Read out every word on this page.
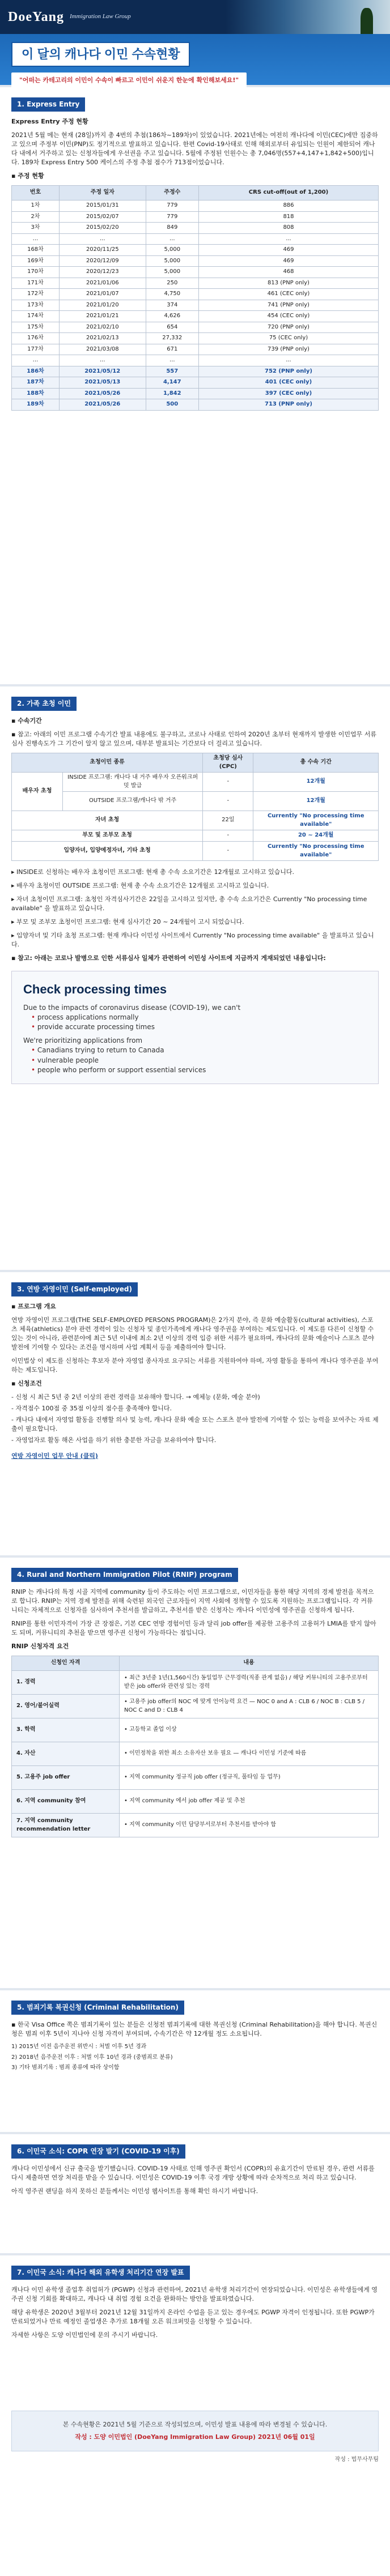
DoeYang Immigration Law Group
이 달의 캐나다 이민 수속현황
"어떠는 카테고리의 이민이 수속이 빠르고 이민이 쉬운지 한눈에 확인해보세요!"
1. Express Entry
Express Entry 주정 현황
2021년 5월 메는 현재 (28일)까지 총 4번의 추첨(186차~189차)이 있었습니다. 2021년에는 여전히 캐나다에 이민(CEC)에만 집중하고 있으며 주정부 이민(PNP)도 정기적으로 발표하고 있습니다. 한편 Covid-19사태로 인해 해외로부터 유입되는 인원이 제한되어 캐나다 내에서 거주하고 있는 신청자들에게 우선권을 주고 있습니다. 5월에 주정된 인원수는 총 7,046명(557+4,147+1,842+500)입니다. 189차 Express Entry 500 케이스의 주정 추첨 점수가 713점이었습니다.
▪ 주정 현황
번호	주정 일자	주정수	CRS cut-off(out of 1,200)
1차	2015/01/31	779	886
2차	2015/02/07	779	818
3차	2015/02/20	849	808
...	...	...	...
168차	2020/11/25	5,000	469
169차	2020/12/09	5,000	469
170차	2020/12/23	5,000	468
171차	2021/01/06	250	813 (PNP only)
172차	2021/01/07	4,750	461 (CEC only)
173차	2021/01/20	374	741 (PNP only)
174차	2021/01/21	4,626	454 (CEC only)
175차	2021/02/10	654	720 (PNP only)
176차	2021/02/13	27,332	75 (CEC only)
177차	2021/03/08	671	739 (PNP only)
...	...	...	...
186차	2021/05/12	557	752 (PNP only)
187차	2021/05/13	4,147	401 (CEC only)
188차	2021/05/26	1,842	397 (CEC only)
189차	2021/05/26	500	713 (PNP only)
2. 가족 초청 이민
▪ 수속기간
▪ 참고: 아래의 이민 프로그램 수속기간 발표 내용에도 불구하고, 코로나 사태로 인하여 2020년 초부터 현재까지 발생한 이민업무 서류심사 진행속도가 그 기간이 알지 않고 있으며, 대부분 발표되는 기간보다 더 걸리고 있습니다.
초청이민 종류		초청당 심사 (CPC)	총 수속 기간
배우자 초청	INSIDE 프로그램: 캐나다 내 거주 배우자 오픈워크퍼밋 발급	-	12개월
	OUTSIDE 프로그램/캐나다 밖 거주	-	12개월
자녀 초청		22일	Currently "No processing time available"
부모 및 조부모 초청		-	20 ~ 24개월
입양자녀, 입양예정자녀, 기타 초청		-	Currently "No processing time available"
▸ INSIDE로 신청하는 배우자 초청이민 프로그램: 현재 총 수속 소요기간은 12개월로 고시하고 있습니다.
▸ 배우자 초청이민 OUTSIDE 프로그램: 현재 총 수속 소요기간은 12개월로 고시하고 있습니다.
▸ 자녀 초청이민 프로그램: 초청인 자격심사기간은 22일을 고시하고 있지만, 총 수속 소요기간은 Currently "No processing time available" 을 발표하고 있습니다.
▸ 부모 및 조부모 초청이민 프로그램: 현재 심사기간 20 ~ 24개월이 고시 되었습니다.
▸ 입양자녀 및 기타 초청 프로그램: 현재 캐나다 이민성 사이트에서 Currently "No processing time available" 을 발표하고 있습니다.
▪ 참고: 아래는 코로나 발병으로 인한 서류심사 일체가 관련하여 이민성 사이트에 지금까지 게재되었던 내용입니다:
Check processing times
Due to the impacts of coronavirus disease (COVID-19), we can't
• process applications normally
• provide accurate processing times
We're prioritizing applications from
• Canadians trying to return to Canada
• vulnerable people
• people who perform or support essential services
3. 연방 자영이민 (Self-employed)
▪ 프로그램 개요
연방 자영이민 프로그램(THE SELF-EMPLOYED PERSONS PROGRAM)은 2가지 분야, 즉 문화 예술활동(cultural activities), 스포츠 체육(athletics) 분야 관련 경력이 있는 신청자 및 종인가족에게 캐나다 영주권을 부여하는 제도입니다. 이 제도를 다른이 신청할 수 있는 것이 아니라, 관련분야에 최근 5년 이내에 최소 2년 이상의 경력 입증 위한 서류가 필요하며, 캐나다의 문화 예술이나 스포츠 분야 발전에 기여할 수 있다는 조건을 명시하며 사업 계획서 등을 제출하여야 합니다.
이민법상 이 제도를 신청하는 후보자 분야 자영업 종사자로 요구되는 서류를 지원하여야 하며, 자영 활동을 통하여 캐나다 영주권을 부여하는 제도입니다.
▪ 신청조건
- 신청 시 최근 5년 중 2년 이상의 관련 경력을 보유해야 합니다. → 예체능 (문화, 예술 분야)
- 자격점수 100점 중 35점 이상의 점수를 충족해야 합니다.
- 캐나다 내에서 자영업 활동을 진행할 의사 및 능력, 캐나다 문화 예술 또는 스포츠 분야 발전에 기여할 수 있는 능력을 보여주는 자료 제출이 필요합니다.
- 자영업자로 활동 해온 사업을 하기 위한 충분한 자금을 보유하여야 합니다.
연방 자영이민 업무 안내 (클릭)
4. Rural and Northern Immigration Pilot (RNIP) program
RNIP 는 캐나다의 특정 시골 지역에 community 들이 주도하는 이민 프로그램으로, 이민자들을 통한 해당 지역의 경제 발전을 목적으로 합니다. RNIP는 지역 경제 발전을 위해 숙련된 외국인 근로자들이 지역 사회에 정착할 수 있도록 지원하는 프로그램입니다. 각 커뮤니티는 자체적으로 신청자를 심사하여 추천서를 발급하고, 추천서를 받은 신청자는 캐나다 이민성에 영주권을 신청하게 됩니다.
RNIP를 통한 이민자격이 가장 큰 장점은, 기본 CEC 연방 경험이민 등과 달리 job offer를 제공한 고용주의 고용허가 LMIA를 받지 않아도 되며, 커뮤니티의 추천을 받으면 영주권 신청이 가능하다는 점입니다.
RNIP 신청자격 요건
신청인 자격	내용
1. 경력	• 최근 3년중 1년(1,560시간) 동일업무 근무경력(직종 관계 없음) / 해당 커뮤니티의 고용주로부터 받은 job offer와 관련성 있는 경력
2. 영어/불어실력	• 고용주 job offer의 NOC 에 맞게 언어능력 요건 — NOC 0 and A : CLB 6 / NOC B : CLB 5 / NOC C and D : CLB 4
3. 학력	• 고등학교 졸업 이상
4. 자산	• 이민정착을 위한 최소 소유자산 보유 필요 — 캐나다 이민성 기준에 따름
5. 고용주 job offer	• 지역 community 정규직 job offer (정규직, 풀타임 등 업무)
6. 지역 community 참여	• 지역 community 에서 job offer 제공 및 추천
7. 지역 community recommendation letter	• 지역 community 이민 담당부서로부터 추천서를 받아야 함
5. 범죄기록 복권신청 (Criminal Rehabilitation)
▪ 한국 Visa Office 쪽은 범죄기록이 있는 분들은 신청전 범죄기록에 대한 복권신청 (Criminal Rehabilitation)을 해야 합니다. 복권신청은 범죄 이후 5년이 지나야 신청 자격이 부여되며, 수속기간은 약 12개월 정도 소요됩니다.
1) 2015년 이전 음주운전 위반시 : 처벌 이후 5년 경과
2) 2018년 음주운전 이후 : 처벌 이후 10년 경과 (중범죄로 분류)
3) 기타 범죄기록 : 범죄 종류에 따라 상이함
6. 이민국 소식: COPR 연장 발기 (COVID-19 이후)
캐나다 이민성에서 신규 출국을 발기했습니다. COVID-19 사태로 인해 영주권 확인서 (COPR)의 유효기간이 만료된 경우, 관련 서류를 다시 제출하면 연장 처리를 받을 수 있습니다. 이민성은 COVID-19 이후 국경 개방 상황에 따라 순차적으로 처리 하고 있습니다.
아직 영주권 랜딩을 하지 못하신 분들께서는 이민성 웹사이트를 통해 확인 하시기 바랍니다.
7. 이민국 소식: 캐나다 해외 유학생 처리기간 연장 발표
캐나다 이민 유학생 졸업후 취업허가 (PGWP) 신청과 관련하여, 2021년 유학생 처리기간이 연장되었습니다. 이민성은 유학생들에게 영주권 신청 기회를 확대하고, 캐나다 내 취업 경험 요건을 완화하는 방안을 발표하였습니다.
해당 유학생은 2020년 3월부터 2021년 12월 31일까지 온라인 수업을 듣고 있는 경우에도 PGWP 자격이 인정됩니다. 또한 PGWP가 만료되었거나 만료 예정인 졸업생은 추가로 18개월 오픈 워크퍼밋을 신청할 수 있습니다.
자세한 사항은 도양 이민법인에 문의 주시기 바랍니다.
본 수속현황은 2021년 5월 기준으로 작성되었으며, 이민성 발표 내용에 따라 변경될 수 있습니다.
작성 : 도양 이민법인 (DoeYang Immigration Law Group) 2021년 06월 01일
작성 : 법무사무팀
